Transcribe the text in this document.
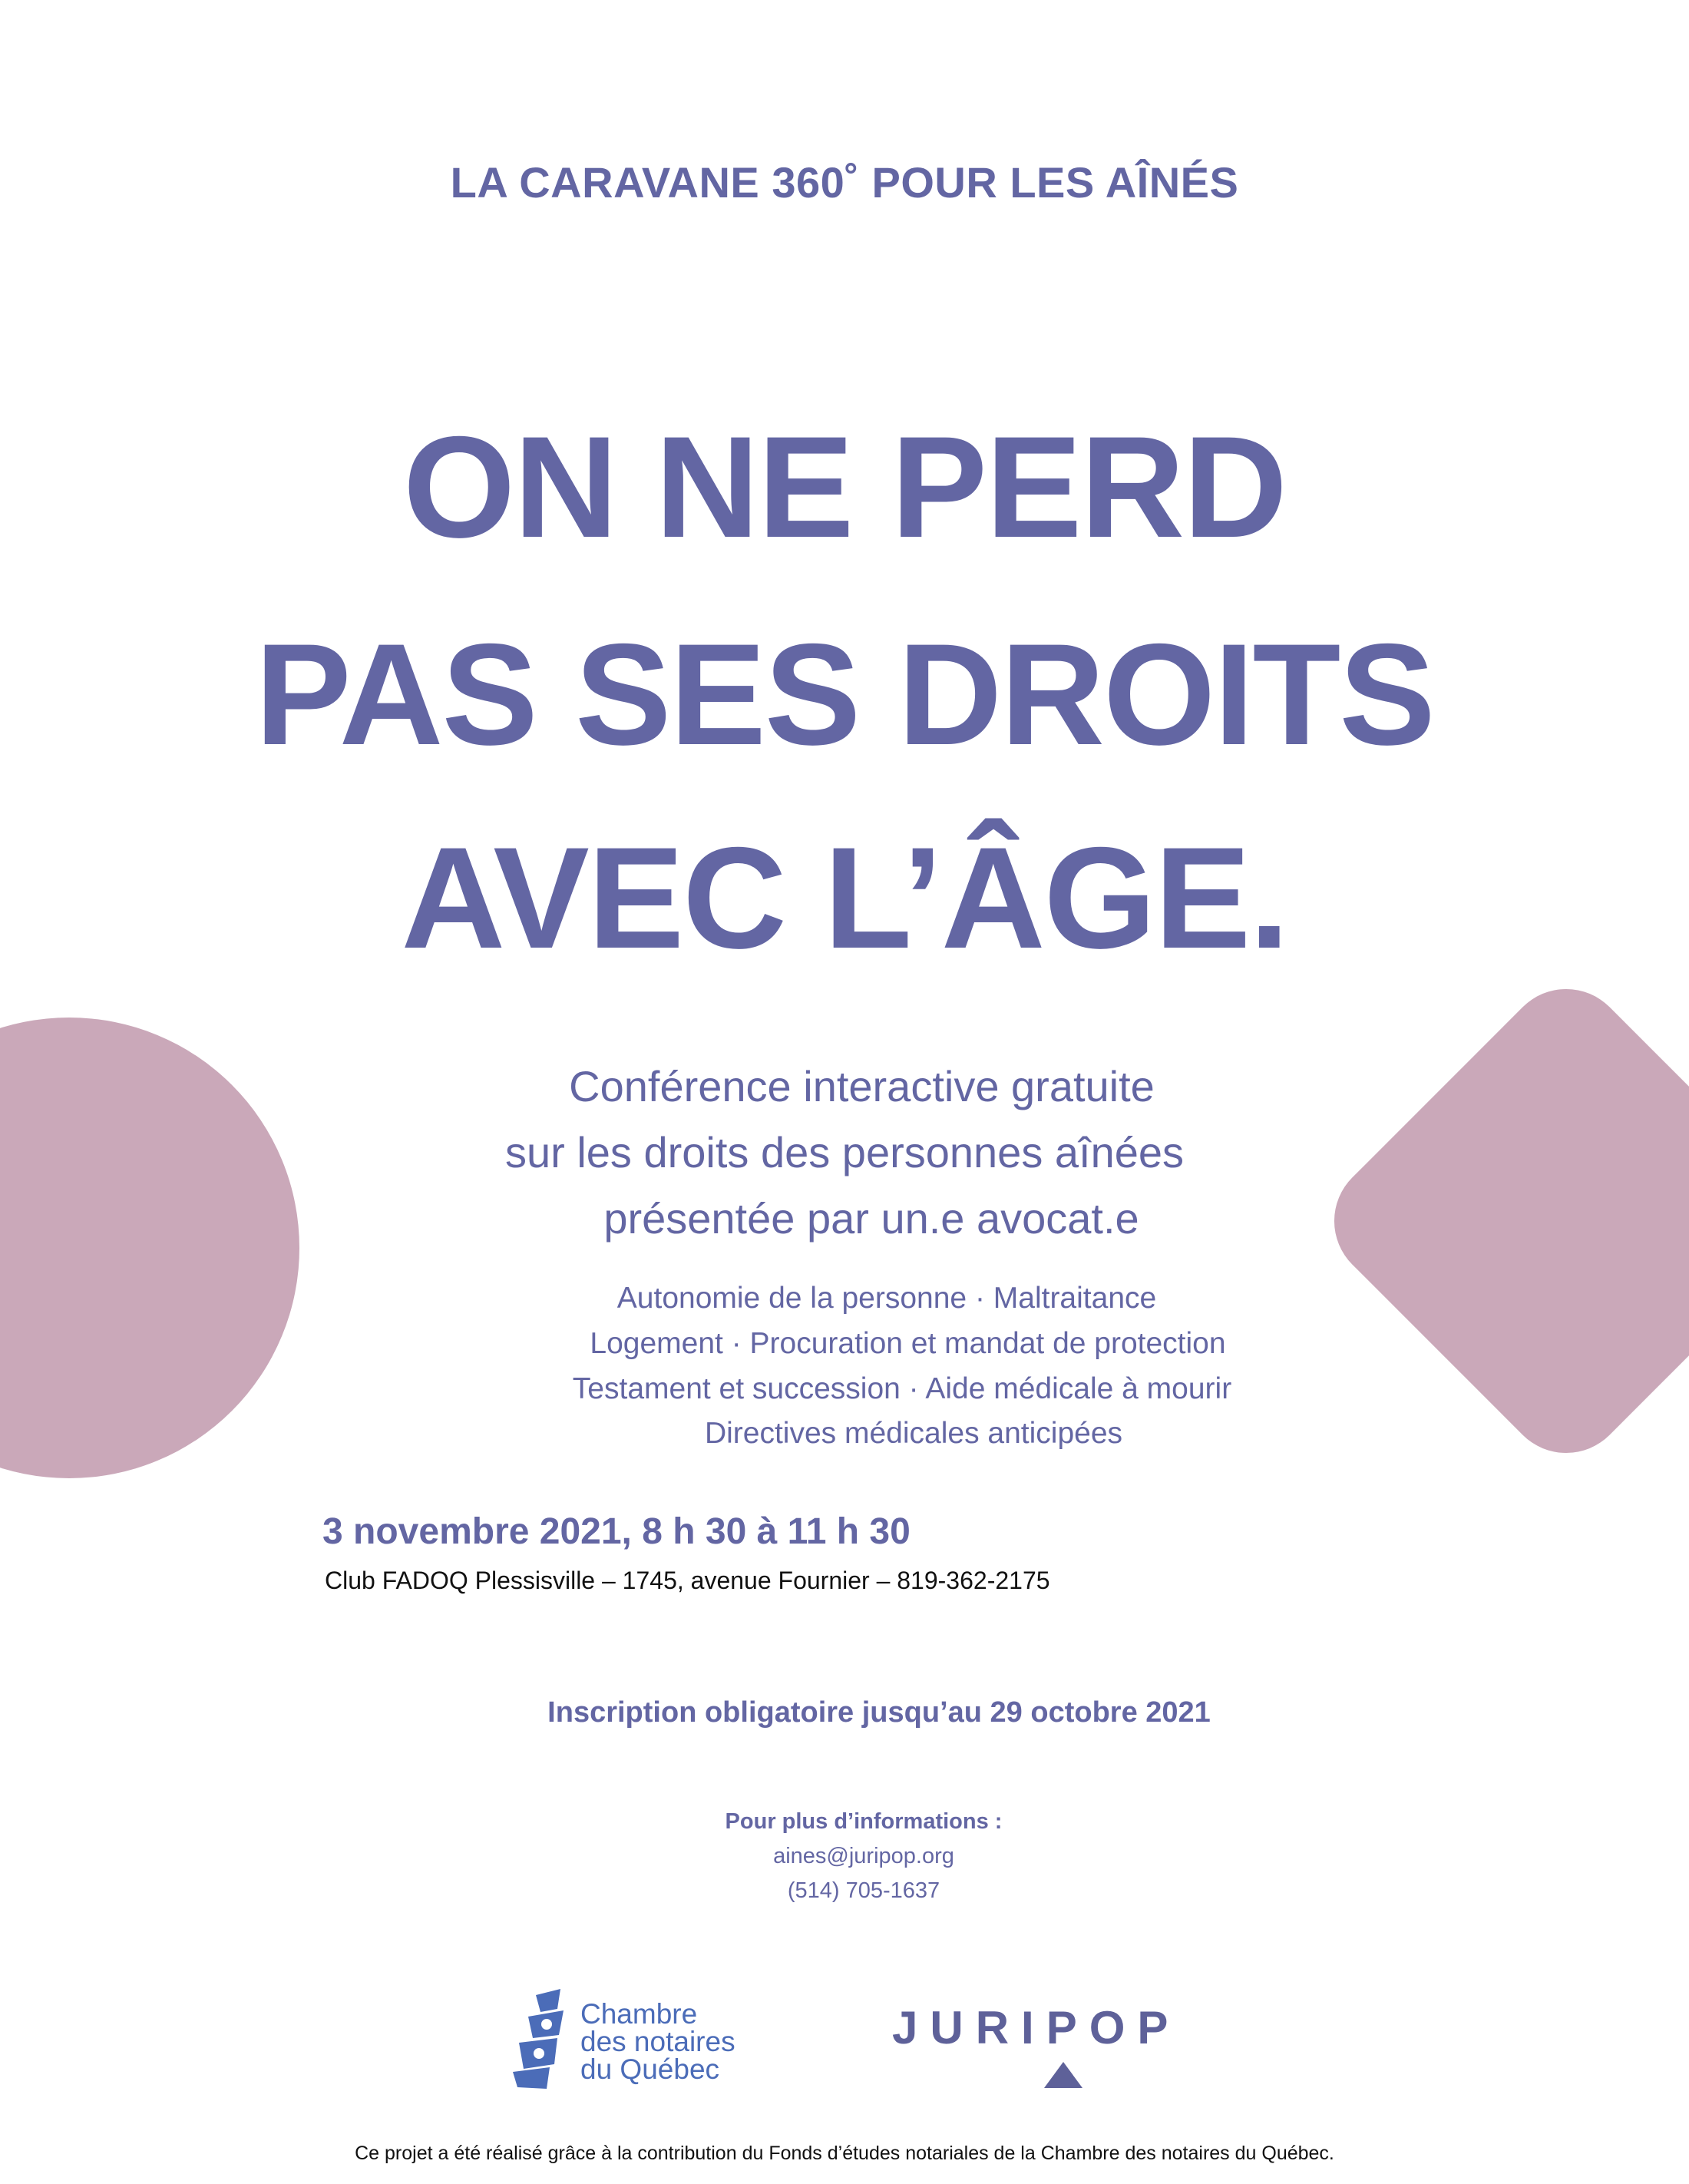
LA CARAVANE 360˚ POUR LES AÎNÉS
ON NE PERD
PAS SES DROITS
AVEC L’ÂGE.
Conférence interactive gratuite
sur les droits des personnes aînées
présentée par un.e avocat.e
Autonomie de la personne · Maltraitance
Logement · Procuration et mandat de protection
Testament et succession · Aide médicale à mourir
Directives médicales anticipées
3 novembre 2021, 8 h 30 à 11 h 30
Club FADOQ Plessisville – 1745, avenue Fournier – 819-362-2175
Inscription obligatoire jusqu’au 29 octobre 2021
Pour plus d’informations :
aines@juripop.org
(514) 705-1637
Chambre
des notaires
du Québec
JURIPOP
Ce projet a été réalisé grâce à la contribution du Fonds d’études notariales de la Chambre des notaires du Québec.
